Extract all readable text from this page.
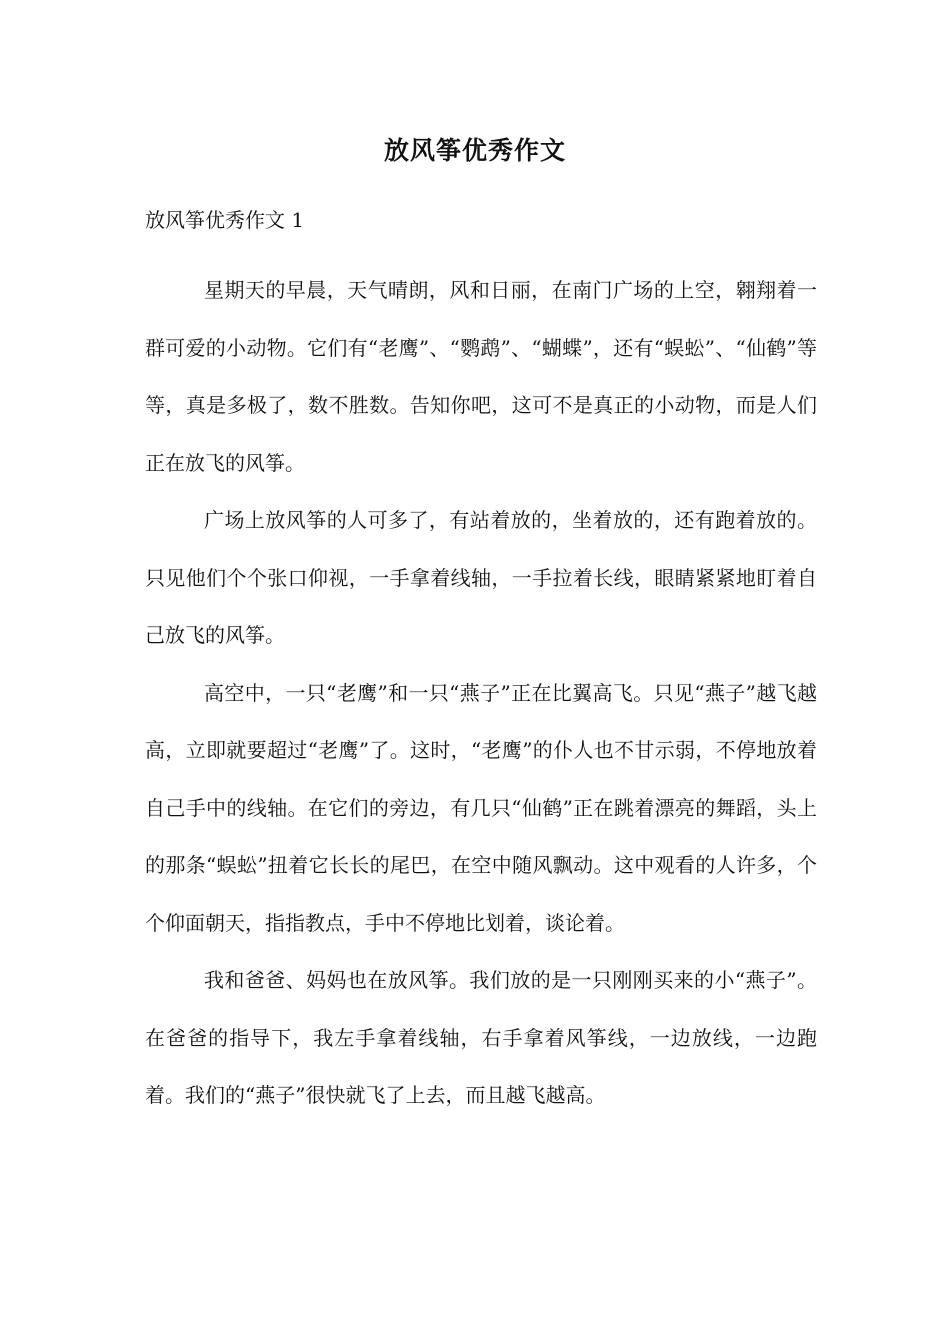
放风筝优秀作文
放风筝优秀作文 1

星期天的早晨，天气晴朗，风和日丽，在南门广场的上空，翱翔着一群可爱的小动物。它们有“老鹰”、“鹦鹉”、“蝴蝶”，还有“蜈蚣”、“仙鹤”等等，真是多极了，数不胜数。告知你吧，这可不是真正的小动物，而是人们正在放飞的风筝。

广场上放风筝的人可多了，有站着放的，坐着放的，还有跑着放的。只见他们个个张口仰视，一手拿着线轴，一手拉着长线，眼睛紧紧地盯着自己放飞的风筝。

高空中，一只“老鹰”和一只“燕子”正在比翼高飞。只见“燕子”越飞越高，立即就要超过“老鹰”了。这时，“老鹰”的仆人也不甘示弱，不停地放着自己手中的线轴。在它们的旁边，有几只“仙鹤”正在跳着漂亮的舞蹈，头上的那条“蜈蚣”扭着它长长的尾巴，在空中随风飘动。这中观看的人许多，个个仰面朝天，指指教点，手中不停地比划着，谈论着。

我和爸爸、妈妈也在放风筝。我们放的是一只刚刚买来的小“燕子”。在爸爸的指导下，我左手拿着线轴，右手拿着风筝线，一边放线，一边跑着。我们的“燕子”很快就飞了上去，而且越飞越高。
